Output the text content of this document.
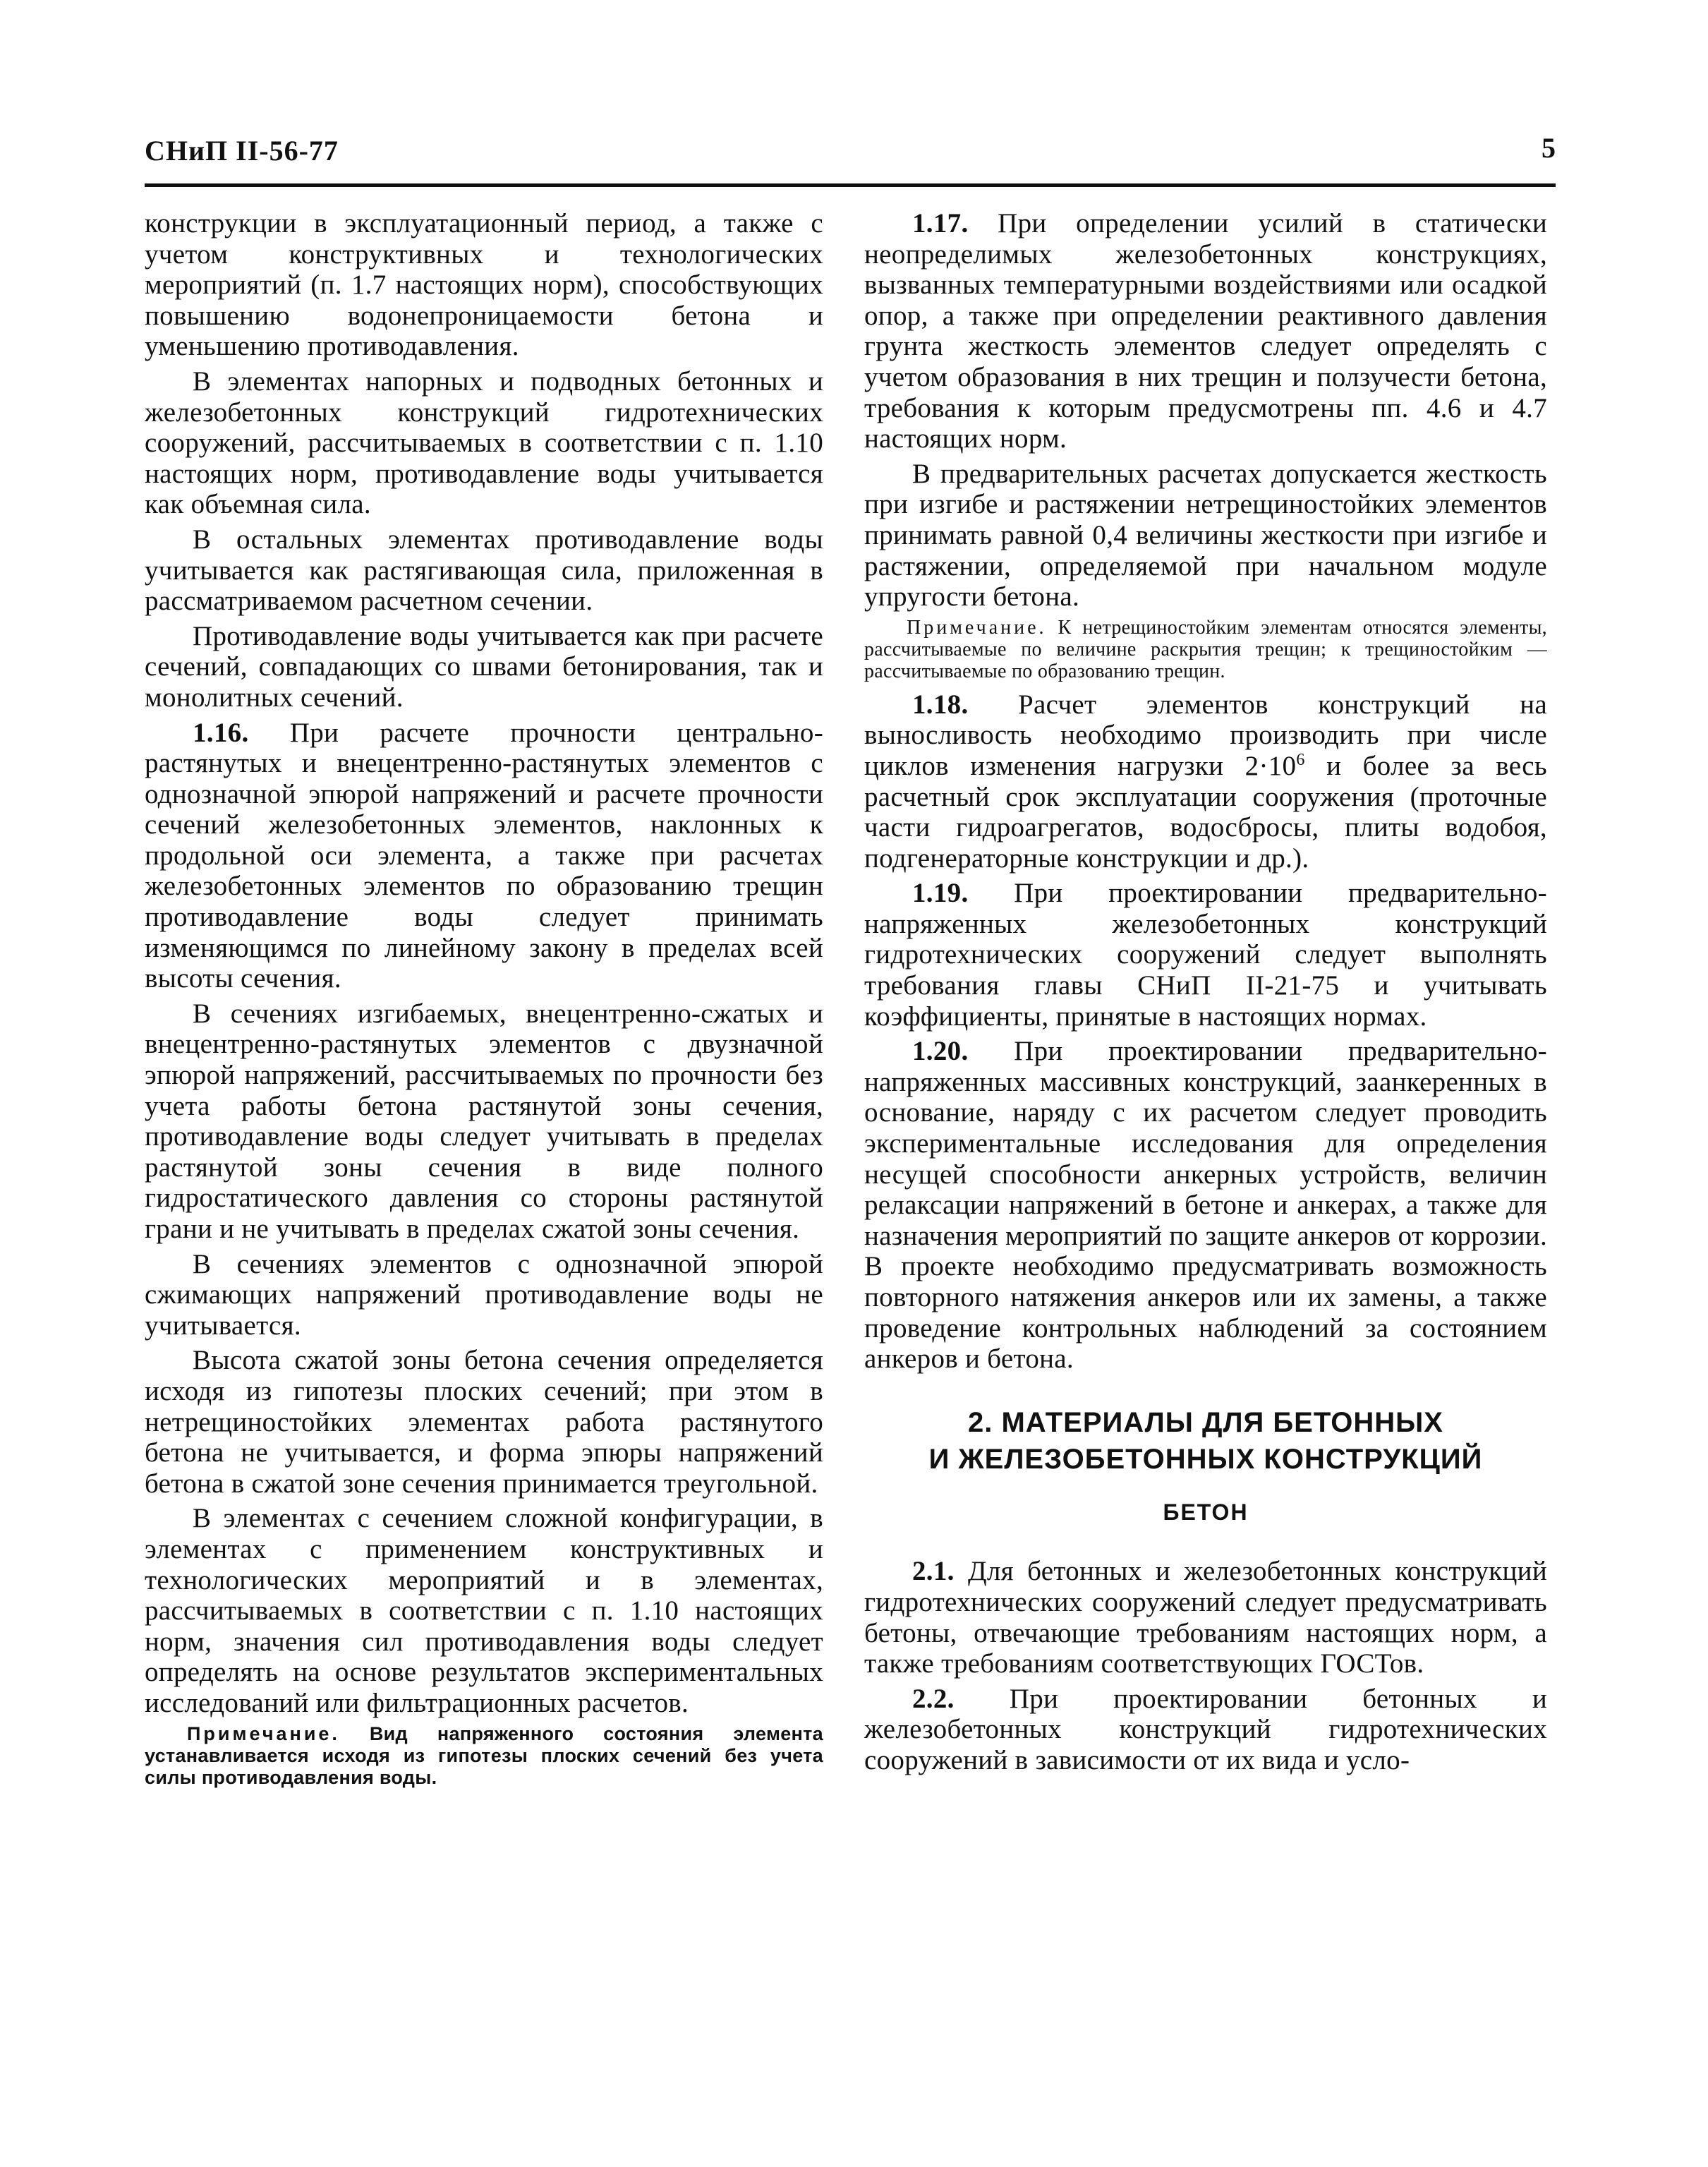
СНиП II-56-77	5

конструкции в эксплуатационный период, а также с учетом конструктивных и технологических мероприятий (п. 1.7 настоящих норм), способствующих повышению водонепроницаемости бетона и уменьшению противодавления.

В элементах напорных и подводных бетонных и железобетонных конструкций гидротехнических сооружений, рассчитываемых в соответствии с п. 1.10 настоящих норм, противодавление воды учитывается как объемная сила.

В остальных элементах противодавление воды учитывается как растягивающая сила, приложенная в рассматриваемом расчетном сечении.

Противодавление воды учитывается как при расчете сечений, совпадающих со швами бетонирования, так и монолитных сечений.

1.16. При расчете прочности центрально-растянутых и внецентренно-растянутых элементов с однозначной эпюрой напряжений и расчете прочности сечений железобетонных элементов, наклонных к продольной оси элемента, а также при расчетах железобетонных элементов по образованию трещин противодавление воды следует принимать изменяющимся по линейному закону в пределах всей высоты сечения.

В сечениях изгибаемых, внецентренно-сжатых и внецентренно-растянутых элементов с двузначной эпюрой напряжений, рассчитываемых по прочности без учета работы бетона растянутой зоны сечения, противодавление воды следует учитывать в пределах растянутой зоны сечения в виде полного гидростатического давления со стороны растянутой грани и не учитывать в пределах сжатой зоны сечения.

В сечениях элементов с однозначной эпюрой сжимающих напряжений противодавление воды не учитывается.

Высота сжатой зоны бетона сечения определяется исходя из гипотезы плоских сечений; при этом в нетрещиностойких элементах работа растянутого бетона не учитывается, и форма эпюры напряжений бетона в сжатой зоне сечения принимается треугольной.

В элементах с сечением сложной конфигурации, в элементах с применением конструктивных и технологических мероприятий и в элементах, рассчитываемых в соответствии с п. 1.10 настоящих норм, значения сил противодавления воды следует определять на основе результатов экспериментальных исследований или фильтрационных расчетов.

Примечание. Вид напряженного состояния элемента устанавливается исходя из гипотезы плоских сечений без учета силы противодавления воды.

1.17. При определении усилий в статически неопределимых железобетонных конструкциях, вызванных температурными воздействиями или осадкой опор, а также при определении реактивного давления грунта жесткость элементов следует определять с учетом образования в них трещин и ползучести бетона, требования к которым предусмотрены пп. 4.6 и 4.7 настоящих норм.

В предварительных расчетах допускается жесткость при изгибе и растяжении нетрещиностойких элементов принимать равной 0,4 величины жесткости при изгибе и растяжении, определяемой при начальном модуле упругости бетона.

Примечание. К нетрещиностойким элементам относятся элементы, рассчитываемые по величине раскрытия трещин; к трещиностойким — рассчитываемые по образованию трещин.

1.18. Расчет элементов конструкций на выносливость необходимо производить при числе циклов изменения нагрузки $2\cdot 10^6$ и более за весь расчетный срок эксплуатации сооружения (проточные части гидроагрегатов, водосбросы, плиты водобоя, подгенераторные конструкции и др.).

1.19. При проектировании предварительно-напряженных железобетонных конструкций гидротехнических сооружений следует выполнять требования главы СНиП II-21-75 и учитывать коэффициенты, принятые в настоящих нормах.

1.20. При проектировании предварительно-напряженных массивных конструкций, заанкеренных в основание, наряду с их расчетом следует проводить экспериментальные исследования для определения несущей способности анкерных устройств, величин релаксации напряжений в бетоне и анкерах, а также для назначения мероприятий по защите анкеров от коррозии. В проекте необходимо предусматривать возможность повторного натяжения анкеров или их замены, а также проведение контрольных наблюдений за состоянием анкеров и бетона.

2. МАТЕРИАЛЫ ДЛЯ БЕТОННЫХ
И ЖЕЛЕЗОБЕТОННЫХ КОНСТРУКЦИЙ
БЕТОН

2.1. Для бетонных и железобетонных конструкций гидротехнических сооружений следует предусматривать бетоны, отвечающие требованиям настоящих норм, а также требованиям соответствующих ГОСТов.

2.2. При проектировании бетонных и железобетонных конструкций гидротехнических сооружений в зависимости от их вида и усло-
